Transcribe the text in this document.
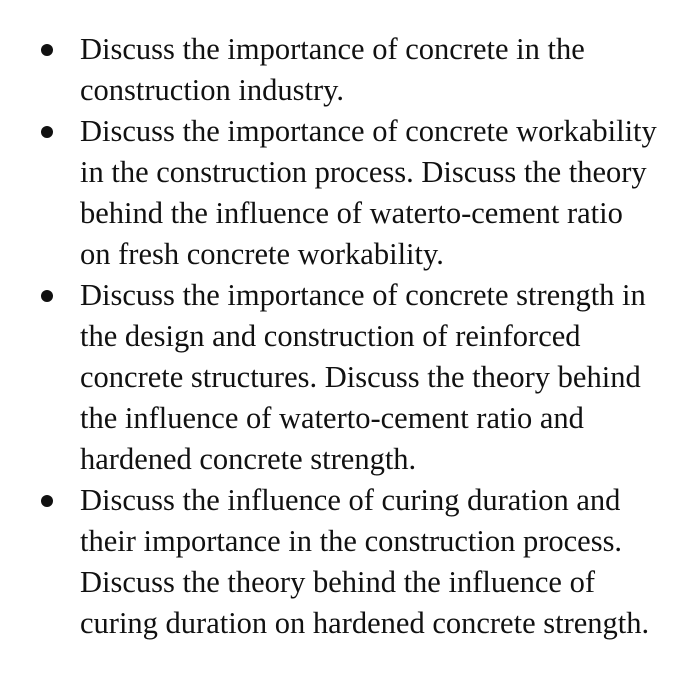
Discuss the importance of concrete in the
construction industry.
Discuss the importance of concrete workability
in the construction process. Discuss the theory
behind the influence of waterto-cement ratio
on fresh concrete workability.
Discuss the importance of concrete strength in
the design and construction of reinforced
concrete structures. Discuss the theory behind
the influence of waterto-cement ratio and
hardened concrete strength.
Discuss the influence of curing duration and
their importance in the construction process.
Discuss the theory behind the influence of
curing duration on hardened concrete strength.
